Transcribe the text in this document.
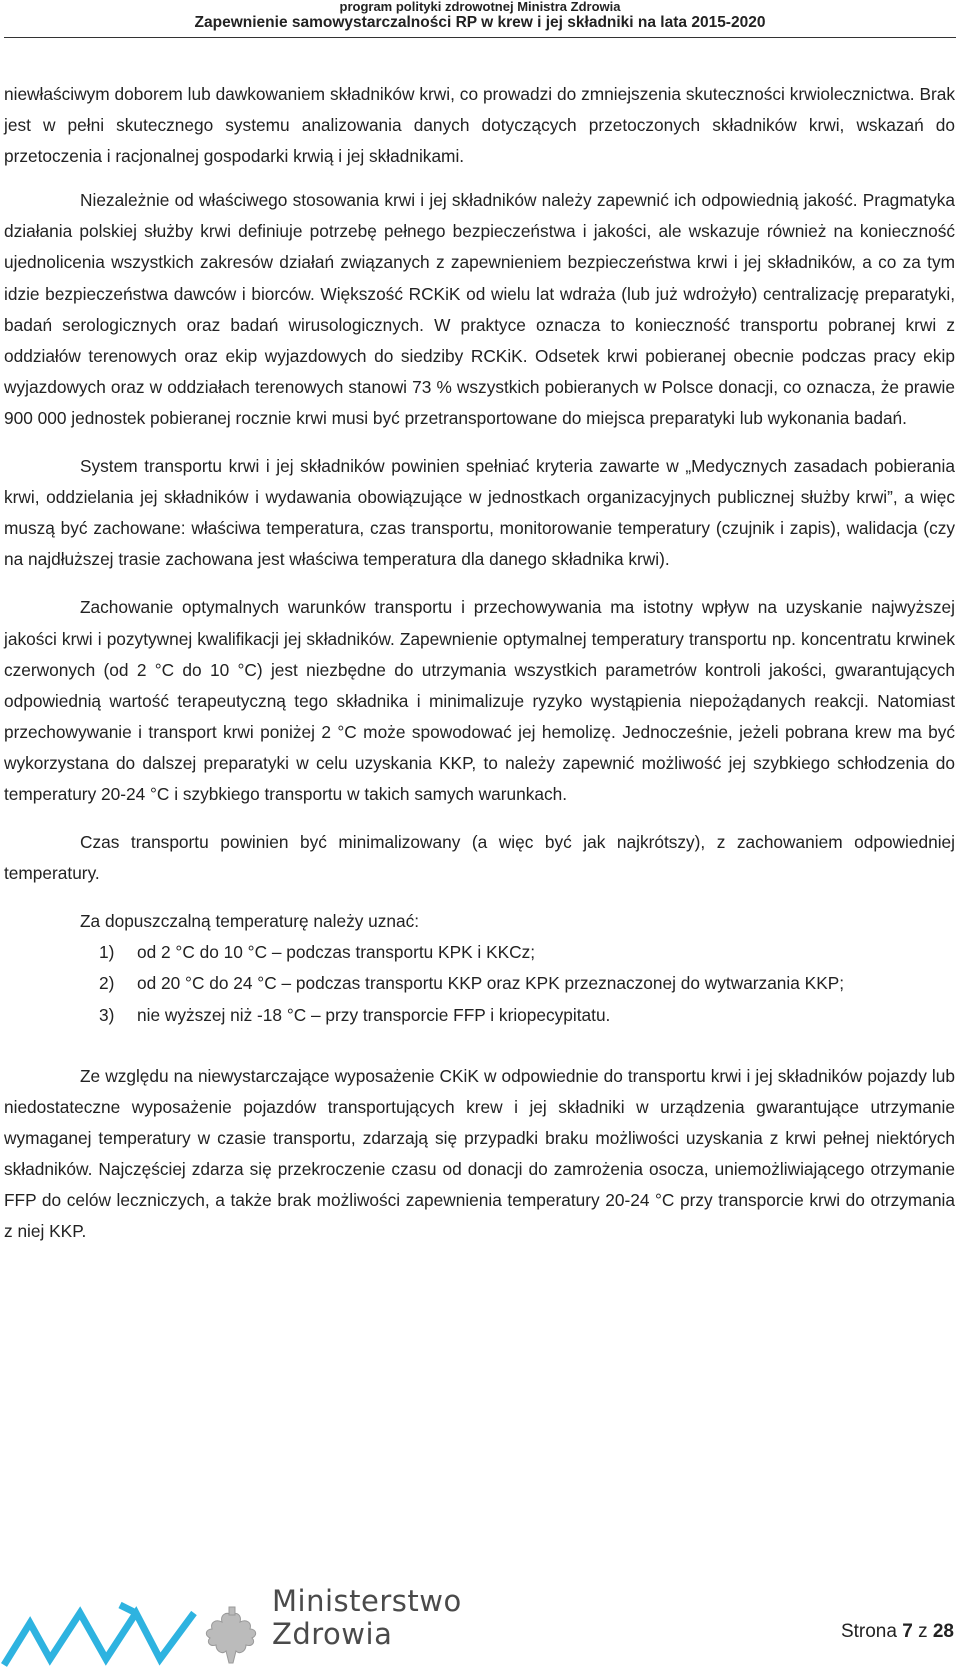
program polityki zdrowotnej Ministra Zdrowia
Zapewnienie samowystarczalności RP w krew i jej składniki na lata 2015-2020

niewłaściwym doborem lub dawkowaniem składników krwi, co prowadzi do zmniejszenia skuteczności krwiolecznictwa. Brak jest w pełni skutecznego systemu analizowania danych dotyczących przetoczonych składników krwi, wskazań do przetoczenia i racjonalnej gospodarki krwią i jej składnikami.

Niezależnie od właściwego stosowania krwi i jej składników należy zapewnić ich odpowiednią jakość. Pragmatyka działania polskiej służby krwi definiuje potrzebę pełnego bezpieczeństwa i jakości, ale wskazuje również na konieczność ujednolicenia wszystkich zakresów działań związanych z zapewnieniem bezpieczeństwa krwi i jej składników, a co za tym idzie bezpieczeństwa dawców i biorców. Większość RCKiK od wielu lat wdraża (lub już wdrożyło) centralizację preparatyki, badań serologicznych oraz badań wirusologicznych. W praktyce oznacza to konieczność transportu pobranej krwi z oddziałów terenowych oraz ekip wyjazdowych do siedziby RCKiK. Odsetek krwi pobieranej obecnie podczas pracy ekip wyjazdowych oraz w oddziałach terenowych stanowi 73 % wszystkich pobieranych w Polsce donacji, co oznacza, że prawie 900 000 jednostek pobieranej rocznie krwi musi być przetransportowane do miejsca preparatyki lub wykonania badań.

System transportu krwi i jej składników powinien spełniać kryteria zawarte w „Medycznych zasadach pobierania krwi, oddzielania jej składników i wydawania obowiązujące w jednostkach organizacyjnych publicznej służby krwi”, a więc muszą być zachowane: właściwa temperatura, czas transportu, monitorowanie temperatury (czujnik i zapis), walidacja (czy na najdłuższej trasie zachowana jest właściwa temperatura dla danego składnika krwi).

Zachowanie optymalnych warunków transportu i przechowywania ma istotny wpływ na uzyskanie najwyższej jakości krwi i pozytywnej kwalifikacji jej składników. Zapewnienie optymalnej temperatury transportu np. koncentratu krwinek czerwonych (od 2 °C do 10 °C) jest niezbędne do utrzymania wszystkich parametrów kontroli jakości, gwarantujących odpowiednią wartość terapeutyczną tego składnika i minimalizuje ryzyko wystąpienia niepożądanych reakcji. Natomiast przechowywanie i transport krwi poniżej 2 °C może spowodować jej hemolizę. Jednocześnie, jeżeli pobrana krew ma być wykorzystana do dalszej preparatyki w celu uzyskania KKP, to należy zapewnić możliwość jej szybkiego schłodzenia do temperatury 20-24 °C i szybkiego transportu w takich samych warunkach.

Czas transportu powinien być minimalizowany (a więc być jak najkrótszy), z zachowaniem odpowiedniej temperatury.

Za dopuszczalną temperaturę należy uznać:

1) od 2 °C do 10 °C – podczas transportu KPK i KKCz;
2) od 20 °C do 24 °C – podczas transportu KKP oraz KPK przeznaczonej do wytwarzania KKP;
3) nie wyższej niż -18 °C – przy transporcie FFP i kriopecypitatu.

Ze względu na niewystarczające wyposażenie CKiK w odpowiednie do transportu krwi i jej składników pojazdy lub niedostateczne wyposażenie pojazdów transportujących krew i jej składniki w urządzenia gwarantujące utrzymanie wymaganej temperatury w czasie transportu, zdarzają się przypadki braku możliwości uzyskania z krwi pełnej niektórych składników. Najczęściej zdarza się przekroczenie czasu od donacji do zamrożenia osocza, uniemożliwiającego otrzymanie FFP do celów leczniczych, a także brak możliwości zapewnienia temperatury 20-24 °C przy transporcie krwi do otrzymania z niej KKP.

Ministerstwo
Zdrowia	Strona 7 z 28
